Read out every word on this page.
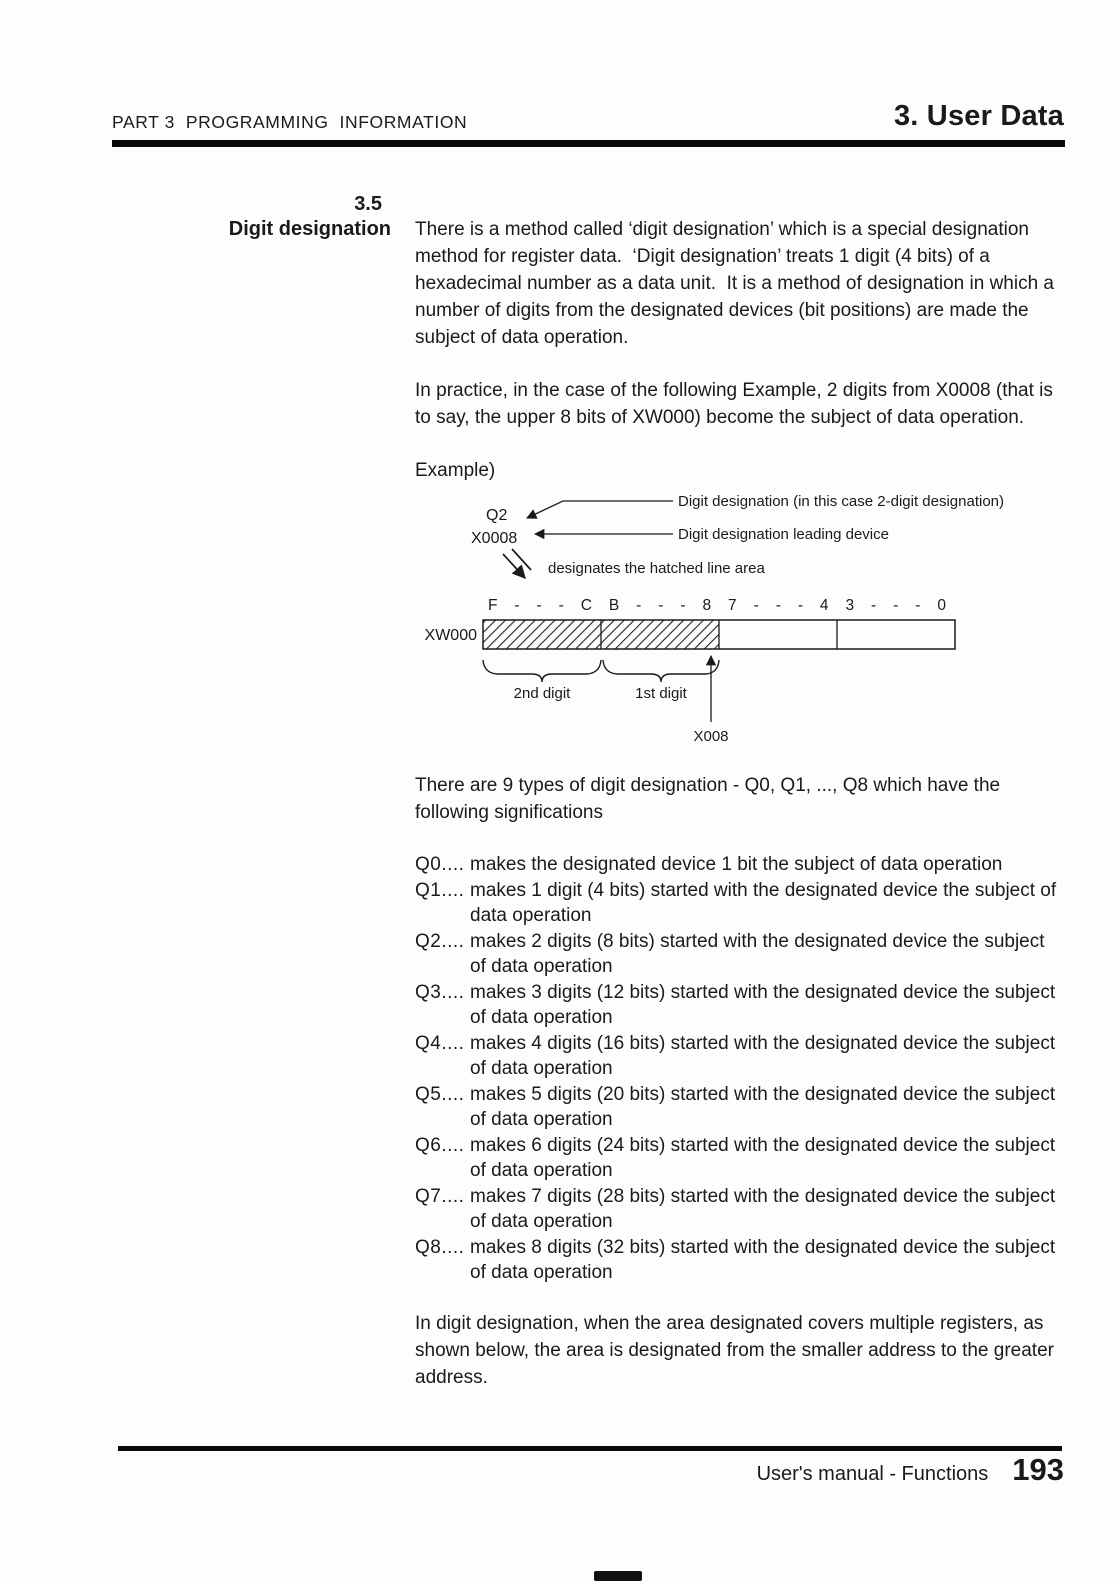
PART 3  PROGRAMMING  INFORMATION	3. User Data
3.5
Digit designation There is a method called ‘digit designation’ which is a special designation method for register data.  ‘Digit designation’ treats 1 digit (4 bits) of a hexadecimal number as a data unit.  It is a method of designation in which a number of digits from the designated devices (bit positions) are made the subject of data operation.

In practice, in the case of the following Example, 2 digits from X0008 (that is to say, the upper 8 bits of XW000) become the subject of data operation.

Example)

Q2
X0008
Digit designation (in this case 2-digit designation)
Digit designation leading device
designates the hatched line area
F - - - C B - - - 8 7 - - - 4 3 - - - 0
XW000
2nd digit	1st digit
X008

There are 9 types of digit designation - Q0, Q1, ..., Q8 which have the following significations

Q0.... makes the designated device 1 bit the subject of data operation
Q1.... makes 1 digit (4 bits) started with the designated device the subject of data operation
Q2.... makes 2 digits (8 bits) started with the designated device the subject of data operation
Q3.... makes 3 digits (12 bits) started with the designated device the subject of data operation
Q4.... makes 4 digits (16 bits) started with the designated device the subject of data operation
Q5.... makes 5 digits (20 bits) started with the designated device the subject of data operation
Q6.... makes 6 digits (24 bits) started with the designated device the subject of data operation
Q7.... makes 7 digits (28 bits) started with the designated device the subject of data operation
Q8.... makes 8 digits (32 bits) started with the designated device the subject of data operation

In digit designation, when the area designated covers multiple registers, as shown below, the area is designated from the smaller address to the greater address.

User's manual - Functions 193
